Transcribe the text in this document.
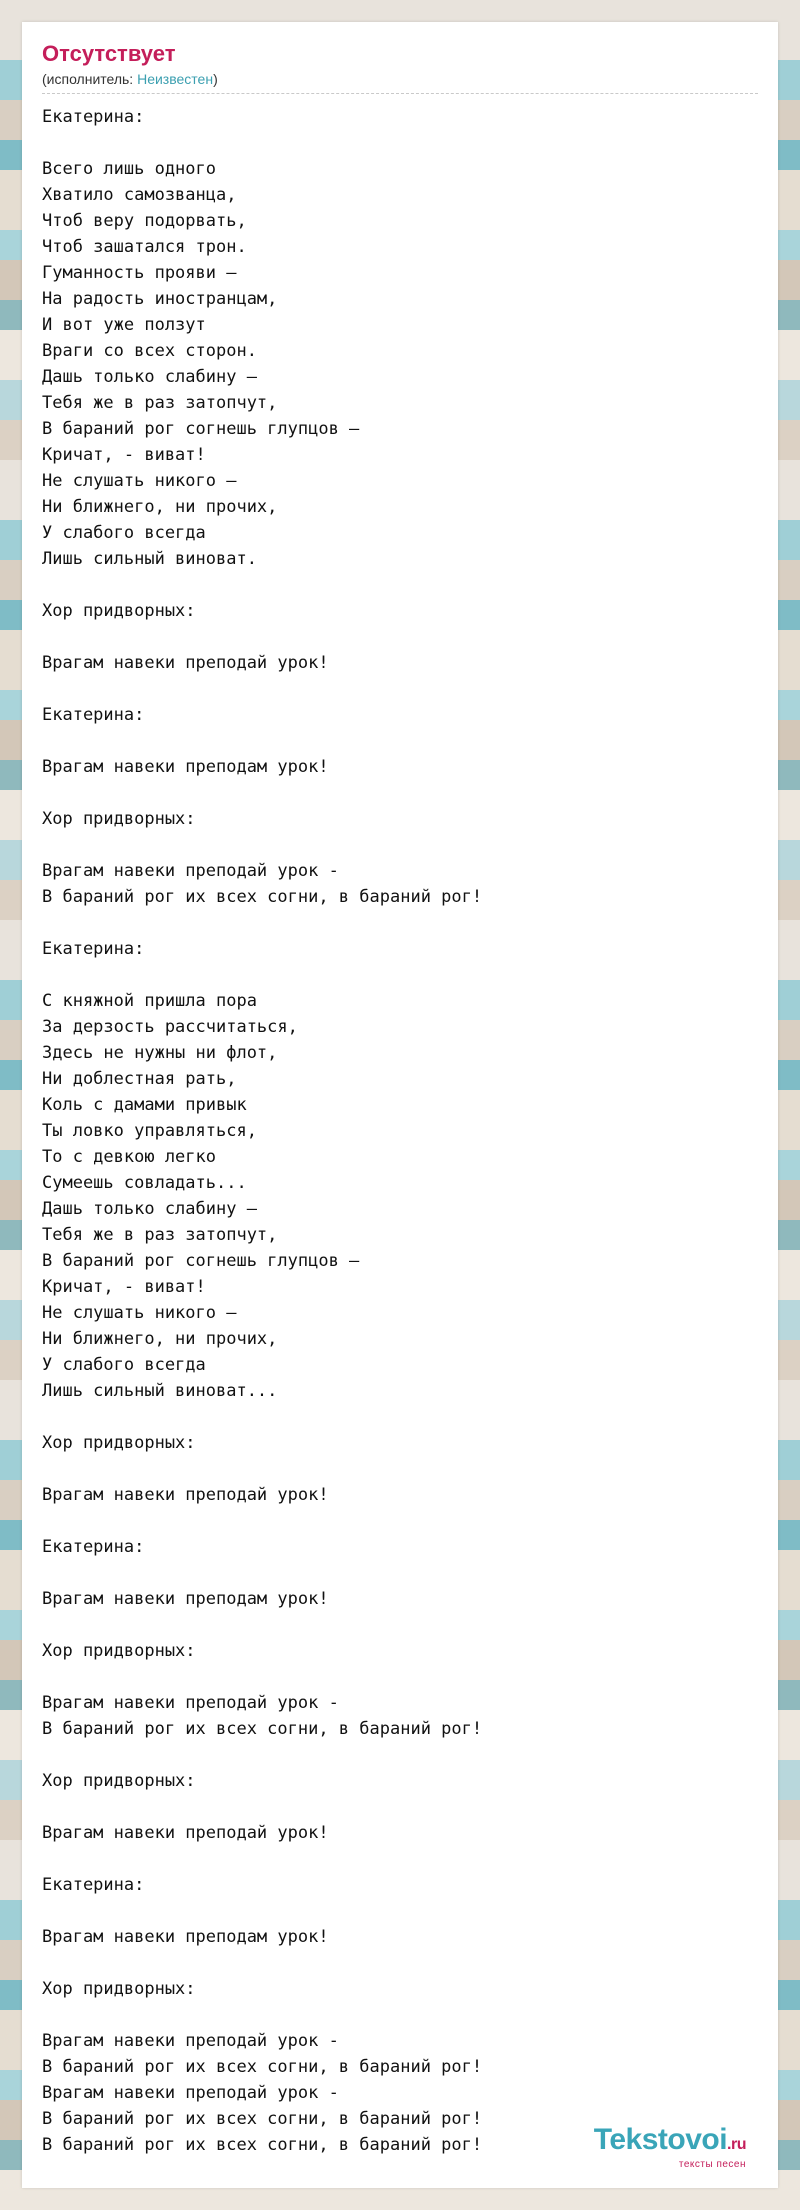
Отсутствует
(исполнитель: Неизвестен)
Екатерина:

Всего лишь одного
Хватило самозванца,
Чтоб веру подорвать,
Чтоб зашатался трон.
Гуманность прояви –
На радость иностранцам,
И вот уже ползут
Враги со всех сторон.
Дашь только слабину –
Тебя же в раз затопчут,
В бараний рог согнешь глупцов –
Кричат, - виват!
Не слушать никого –
Ни ближнего, ни прочих,
У слабого всегда
Лишь сильный виноват.

Хор придворных:

Врагам навеки преподай урок!

Екатерина:

Врагам навеки преподам урок!

Хор придворных:

Врагам навеки преподай урок -
В бараний рог их всех согни, в бараний рог!

Екатерина:

С княжной пришла пора
За дерзость рассчитаться,
Здесь не нужны ни флот,
Ни доблестная рать,
Коль с дамами привык
Ты ловко управляться,
То с девкою легко
Сумеешь совладать...
Дашь только слабину –
Тебя же в раз затопчут,
В бараний рог согнешь глупцов –
Кричат, - виват!
Не слушать никого –
Ни ближнего, ни прочих,
У слабого всегда
Лишь сильный виноват...

Хор придворных:

Врагам навеки преподай урок!

Екатерина:

Врагам навеки преподам урок!

Хор придворных:

Врагам навеки преподай урок -
В бараний рог их всех согни, в бараний рог!

Хор придворных:

Врагам навеки преподай урок!

Екатерина:

Врагам навеки преподам урок!

Хор придворных:

Врагам навеки преподай урок -
В бараний рог их всех согни, в бараний рог!
Врагам навеки преподай урок -
В бараний рог их всех согни, в бараний рог!
В бараний рог их всех согни, в бараний рог!	Tekstovoi.ru
тексты песен
